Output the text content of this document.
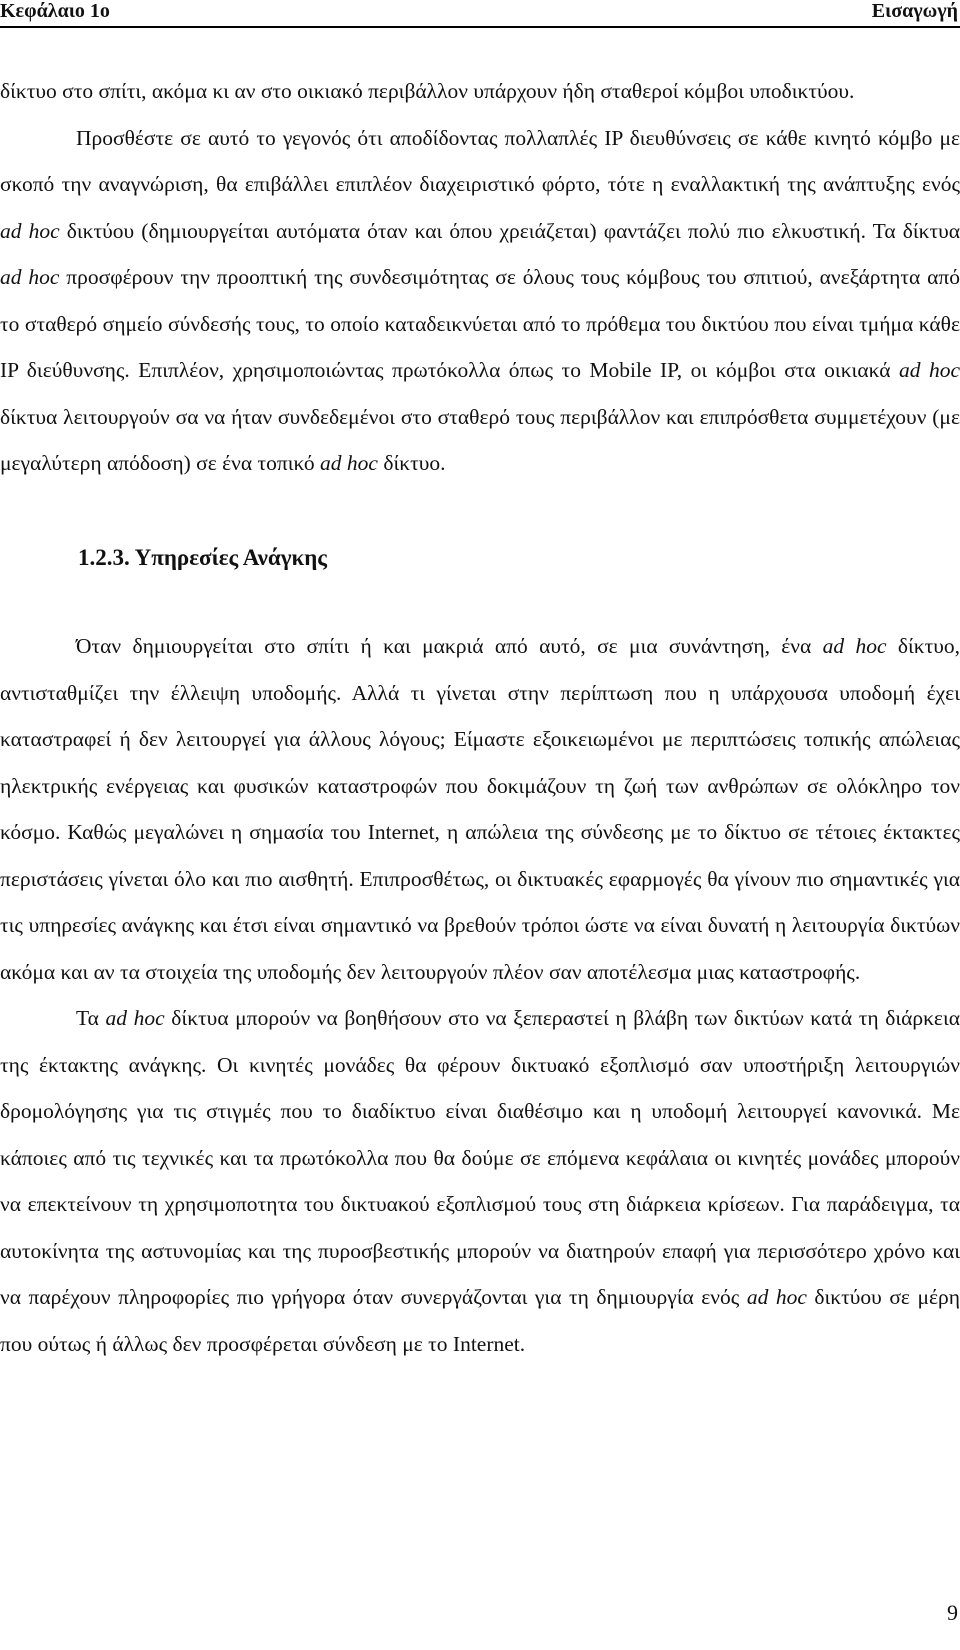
Κεφάλαιο 1ο	Εισαγωγή

δίκτυο στο σπίτι, ακόμα κι αν στο οικιακό περιβάλλον υπάρχουν ήδη σταθεροί κόμβοι υποδικτύου.

Προσθέστε σε αυτό το γεγονός ότι αποδίδοντας πολλαπλές IP διευθύνσεις σε κάθε κινητό κόμβο με σκοπό την αναγνώριση, θα επιβάλλει επιπλέον διαχειριστικό φόρτο, τότε η εναλλακτική της ανάπτυξης ενός ad hoc δικτύου (δημιουργείται αυτόματα όταν και όπου χρειάζεται) φαντάζει πολύ πιο ελκυστική. Τα δίκτυα ad hoc προσφέρουν την προοπτική της συνδεσιμότητας σε όλους τους κόμβους του σπιτιού, ανεξάρτητα από το σταθερό σημείο σύνδεσής τους, το οποίο καταδεικνύεται από το πρόθεμα του δικτύου που είναι τμήμα κάθε IP διεύθυνσης. Επιπλέον, χρησιμοποιώντας πρωτόκολλα όπως το Mobile IP, οι κόμβοι στα οικιακά ad hoc δίκτυα λειτουργούν σα να ήταν συνδεδεμένοι στο σταθερό τους περιβάλλον και επιπρόσθετα συμμετέχουν (με μεγαλύτερη απόδοση) σε ένα τοπικό ad hoc δίκτυο.

1.2.3. Υπηρεσίες Ανάγκης

Όταν δημιουργείται στο σπίτι ή και μακριά από αυτό, σε μια συνάντηση, ένα ad hoc δίκτυο, αντισταθμίζει την έλλειψη υποδομής. Αλλά τι γίνεται στην περίπτωση που η υπάρχουσα υποδομή έχει καταστραφεί ή δεν λειτουργεί για άλλους λόγους; Είμαστε εξοικειωμένοι με περιπτώσεις τοπικής απώλειας ηλεκτρικής ενέργειας και φυσικών καταστροφών που δοκιμάζουν τη ζωή των ανθρώπων σε ολόκληρο τον κόσμο. Καθώς μεγαλώνει η σημασία του Internet, η απώλεια της σύνδεσης με το δίκτυο σε τέτοιες έκτακτες περιστάσεις γίνεται όλο και πιο αισθητή. Επιπροσθέτως, οι δικτυακές εφαρμογές θα γίνουν πιο σημαντικές για τις υπηρεσίες ανάγκης και έτσι είναι σημαντικό να βρεθούν τρόποι ώστε να είναι δυνατή η λειτουργία δικτύων ακόμα και αν τα στοιχεία της υποδομής δεν λειτουργούν πλέον σαν αποτέλεσμα μιας καταστροφής.

Τα ad hoc δίκτυα μπορούν να βοηθήσουν στο να ξεπεραστεί η βλάβη των δικτύων κατά τη διάρκεια της έκτακτης ανάγκης. Οι κινητές μονάδες θα φέρουν δικτυακό εξοπλισμό σαν υποστήριξη λειτουργιών δρομολόγησης για τις στιγμές που το διαδίκτυο είναι διαθέσιμο και η υποδομή λειτουργεί κανονικά. Με κάποιες από τις τεχνικές και τα πρωτόκολλα που θα δούμε σε επόμενα κεφάλαια οι κινητές μονάδες μπορούν να επεκτείνουν τη χρησιμοποτητα του δικτυακού εξοπλισμού τους στη διάρκεια κρίσεων. Για παράδειγμα, τα αυτοκίνητα της αστυνομίας και της πυροσβεστικής μπορούν να διατηρούν επαφή για περισσότερο χρόνο και να παρέχουν πληροφορίες πιο γρήγορα όταν συνεργάζονται για τη δημιουργία ενός ad hoc δικτύου σε μέρη που ούτως ή άλλως δεν προσφέρεται σύνδεση με το Internet.

9
